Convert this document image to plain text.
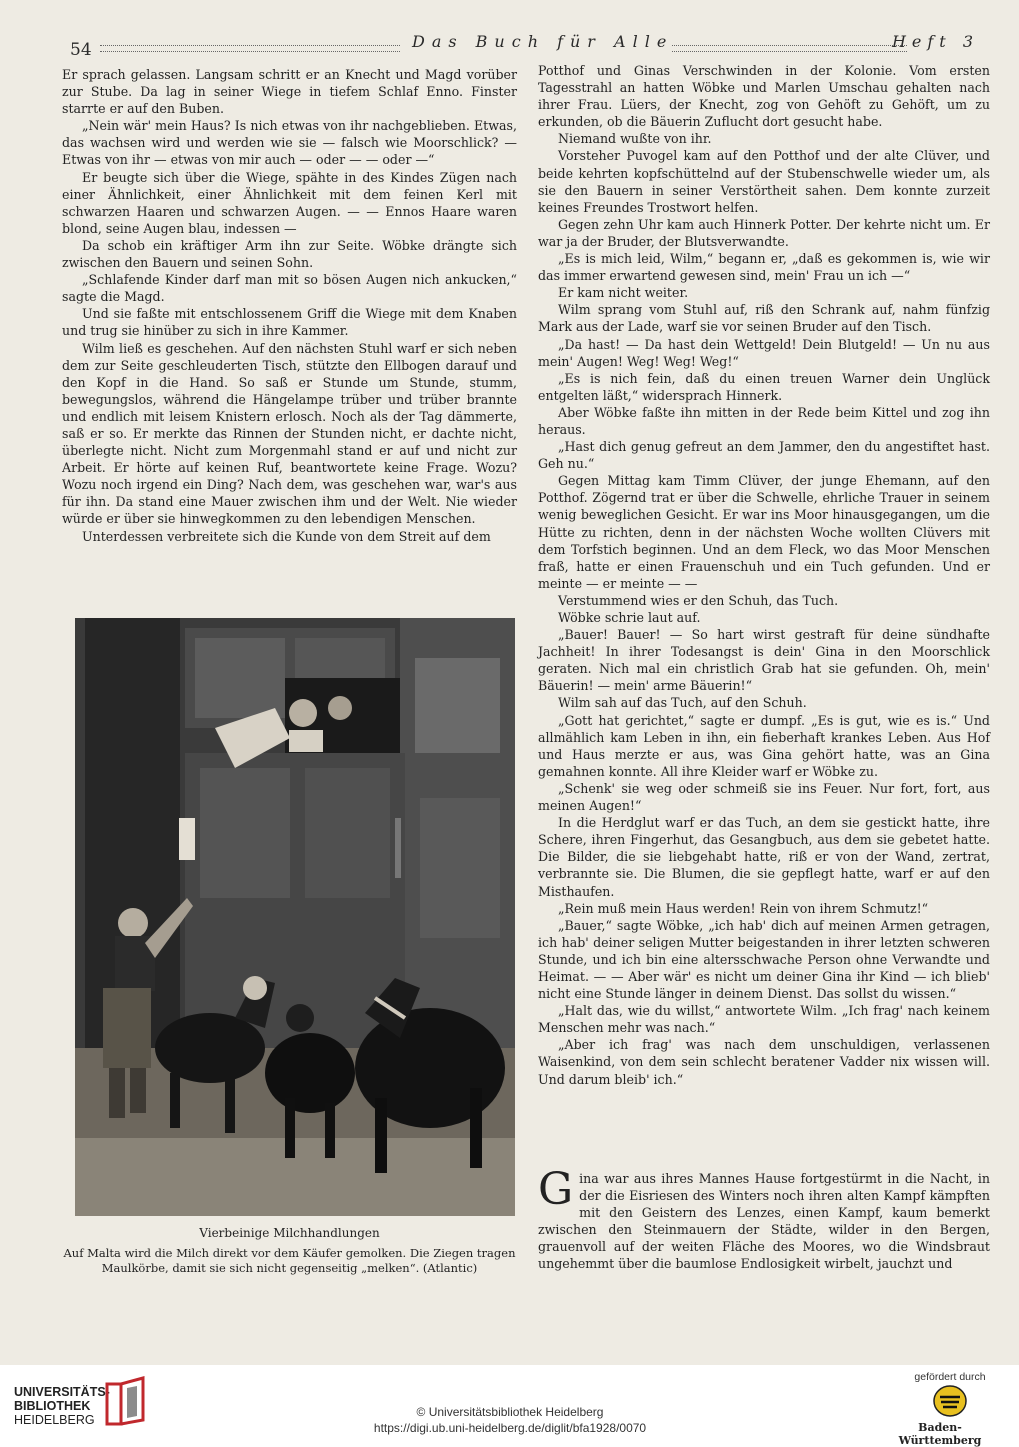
54	Das Buch für Alle	Heft 3

Er sprach gelassen. Langsam schritt er an Knecht und Magd vorüber zur Stube. Da lag in seiner Wiege in tiefem Schlaf Enno. Finster starrte er auf den Buben.

„Nein wär' mein Haus? Is nich etwas von ihr nachgeblieben. Etwas, das wachsen wird und werden wie sie — falsch wie Moorschlick? — Etwas von ihr — etwas von mir auch — oder — — oder —“

Er beugte sich über die Wiege, spähte in des Kindes Zügen nach einer Ähnlichkeit, einer Ähnlichkeit mit dem feinen Kerl mit schwarzen Haaren und schwarzen Augen. — — Ennos Haare waren blond, seine Augen blau, indessen —

Da schob ein kräftiger Arm ihn zur Seite. Wöbke drängte sich zwischen den Bauern und seinen Sohn.

„Schlafende Kinder darf man mit so bösen Augen nich ankucken,“ sagte die Magd.

Und sie faßte mit entschlossenem Griff die Wiege mit dem Knaben und trug sie hinüber zu sich in ihre Kammer.

Wilm ließ es geschehen. Auf den nächsten Stuhl warf er sich neben dem zur Seite geschleuderten Tisch, stützte den Ellbogen darauf und den Kopf in die Hand. So saß er Stunde um Stunde, stumm, bewegungslos, während die Hängelampe trüber und trüber brannte und endlich mit leisem Knistern erlosch. Noch als der Tag dämmerte, saß er so. Er merkte das Rinnen der Stunden nicht, er dachte nicht, überlegte nicht. Nicht zum Morgenmahl stand er auf und nicht zur Arbeit. Er hörte auf keinen Ruf, beantwortete keine Frage. Wozu? Wozu noch irgend ein Ding? Nach dem, was geschehen war, war's aus für ihn. Da stand eine Mauer zwischen ihm und der Welt. Nie wieder würde er über sie hinwegkommen zu den lebendigen Menschen.

Unterdessen verbreitete sich die Kunde von dem Streit auf dem

Vierbeinige Milchhandlungen
Auf Malta wird die Milch direkt vor dem Käufer gemolken. Die Ziegen tragen Maulkörbe, damit sie sich nicht gegenseitig „melken“. (Atlantic)

Potthof und Ginas Verschwinden in der Kolonie. Vom ersten Tagesstrahl an hatten Wöbke und Marlen Umschau gehalten nach ihrer Frau. Lüers, der Knecht, zog von Gehöft zu Gehöft, um zu erkunden, ob die Bäuerin Zuflucht dort gesucht habe.

Niemand wußte von ihr.

Vorsteher Puvogel kam auf den Potthof und der alte Clüver, und beide kehrten kopfschüttelnd auf der Stubenschwelle wieder um, als sie den Bauern in seiner Verstörtheit sahen. Dem konnte zurzeit keines Freundes Trostwort helfen.

Gegen zehn Uhr kam auch Hinnerk Potter. Der kehrte nicht um. Er war ja der Bruder, der Blutsverwandte.

„Es is mich leid, Wilm,“ begann er, „daß es gekommen is, wie wir das immer erwartend gewesen sind, mein' Frau un ich —“

Er kam nicht weiter.

Wilm sprang vom Stuhl auf, riß den Schrank auf, nahm fünfzig Mark aus der Lade, warf sie vor seinen Bruder auf den Tisch.

„Da hast! — Da hast dein Wettgeld! Dein Blutgeld! — Un nu aus mein' Augen! Weg! Weg! Weg!“

„Es is nich fein, daß du einen treuen Warner dein Unglück entgelten läßt,“ widersprach Hinnerk.

Aber Wöbke faßte ihn mitten in der Rede beim Kittel und zog ihn heraus.

„Hast dich genug gefreut an dem Jammer, den du angestiftet hast. Geh nu.“

Gegen Mittag kam Timm Clüver, der junge Ehemann, auf den Potthof. Zögernd trat er über die Schwelle, ehrliche Trauer in seinem wenig beweglichen Gesicht. Er war ins Moor hinausgegangen, um die Hütte zu richten, denn in der nächsten Woche wollten Clüvers mit dem Torfstich beginnen. Und an dem Fleck, wo das Moor Menschen fraß, hatte er einen Frauenschuh und ein Tuch gefunden. Und er meinte — er meinte — —

Verstummend wies er den Schuh, das Tuch.

Wöbke schrie laut auf.

„Bauer! Bauer! — So hart wirst gestraft für deine sündhafte Jachheit! In ihrer Todesangst is dein' Gina in den Moorschlick geraten. Nich mal ein christlich Grab hat sie gefunden. Oh, mein' Bäuerin! — mein' arme Bäuerin!“

Wilm sah auf das Tuch, auf den Schuh.

„Gott hat gerichtet,“ sagte er dumpf. „Es is gut, wie es is.“ Und allmählich kam Leben in ihn, ein fieberhaft krankes Leben. Aus Hof und Haus merzte er aus, was Gina gehört hatte, was an Gina gemahnen konnte. All ihre Kleider warf er Wöbke zu.

„Schenk' sie weg oder schmeiß sie ins Feuer. Nur fort, fort, aus meinen Augen!“

In die Herdglut warf er das Tuch, an dem sie gestickt hatte, ihre Schere, ihren Fingerhut, das Gesangbuch, aus dem sie gebetet hatte. Die Bilder, die sie liebgehabt hatte, riß er von der Wand, zertrat, verbrannte sie. Die Blumen, die sie gepflegt hatte, warf er auf den Misthaufen.

„Rein muß mein Haus werden! Rein von ihrem Schmutz!“

„Bauer,“ sagte Wöbke, „ich hab' dich auf meinen Armen getragen, ich hab' deiner seligen Mutter beigestanden in ihrer letzten schweren Stunde, und ich bin eine altersschwache Person ohne Verwandte und Heimat. — — Aber wär' es nicht um deiner Gina ihr Kind — ich blieb' nicht eine Stunde länger in deinem Dienst. Das sollst du wissen.“

„Halt das, wie du willst,“ antwortete Wilm. „Ich frag' nach keinem Menschen mehr was nach.“

„Aber ich frag' was nach dem unschuldigen, verlassenen Waisenkind, von dem sein schlecht beratener Vadder nix wissen will. Und darum bleib' ich.“

Gina war aus ihres Mannes Hause fortgestürmt in die Nacht, in der die Eisriesen des Winters noch ihren alten Kampf kämpften mit den Geistern des Lenzes, einen Kampf, kaum bemerkt zwischen den Steinmauern der Städte, wilder in den Bergen, grauenvoll auf der weiten Fläche des Moores, wo die Windsbraut ungehemmt über die baumlose Endlosigkeit wirbelt, jauchzt und

UNIVERSITÄTS-
BIBLIOTHEK
HEIDELBERG
© Universitätsbibliothek Heidelberg
https://digi.ub.uni-heidelberg.de/diglit/bfa1928/0070
gefördert durch
Baden-Württemberg
